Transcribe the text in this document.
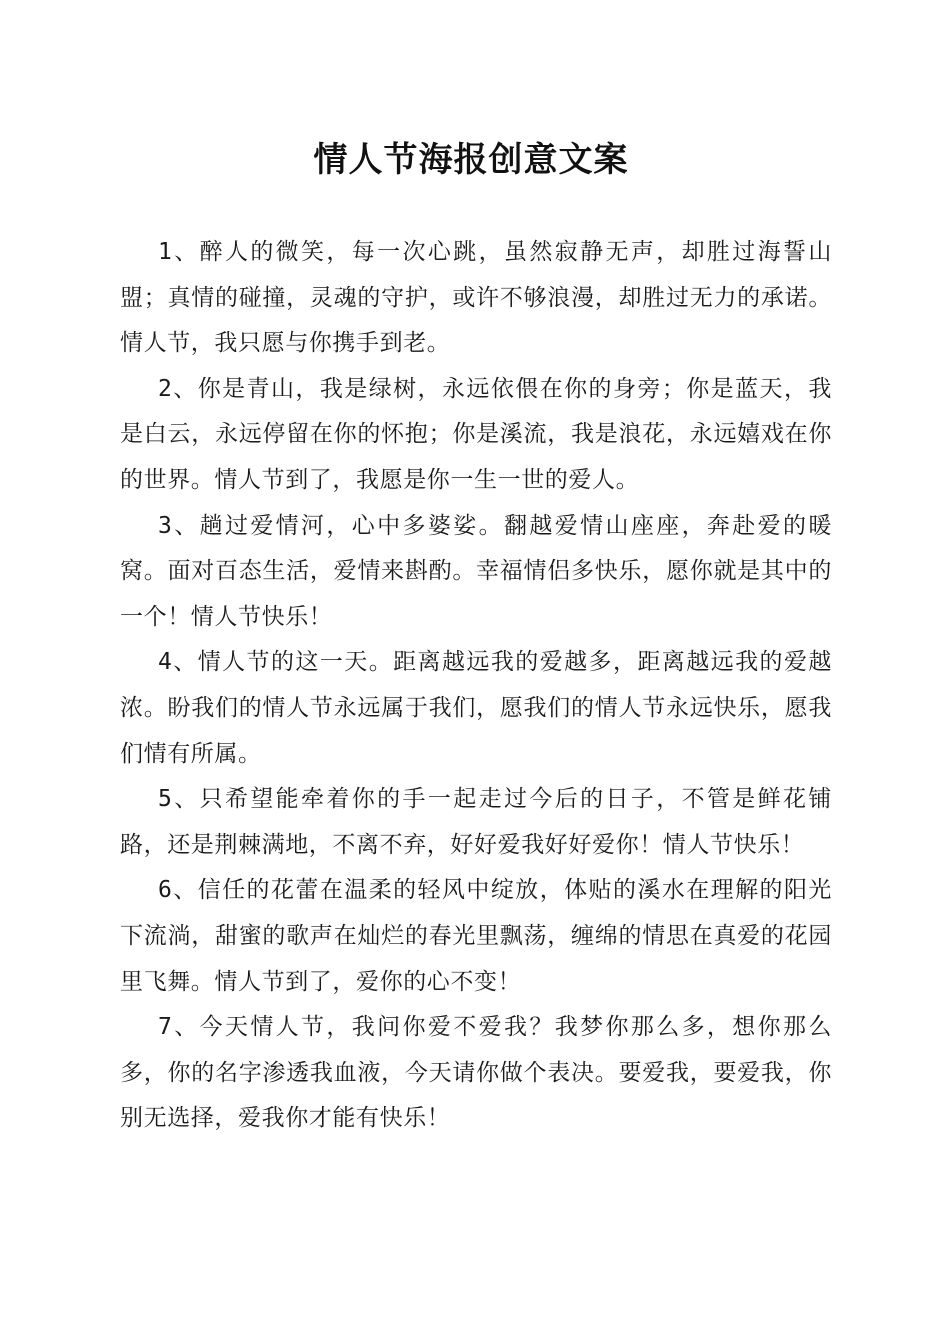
情人节海报创意文案

1、醉人的微笑，每一次心跳，虽然寂静无声，却胜过海誓山盟；真情的碰撞，灵魂的守护，或许不够浪漫，却胜过无力的承诺。情人节，我只愿与你携手到老。

2、你是青山，我是绿树，永远依偎在你的身旁；你是蓝天，我是白云，永远停留在你的怀抱；你是溪流，我是浪花，永远嬉戏在你的世界。情人节到了，我愿是你一生一世的爱人。

3、趟过爱情河，心中多婆娑。翻越爱情山座座，奔赴爱的暖窝。面对百态生活，爱情来斟酌。幸福情侣多快乐，愿你就是其中的一个！情人节快乐！

4、情人节的这一天。距离越远我的爱越多，距离越远我的爱越浓。盼我们的情人节永远属于我们，愿我们的情人节永远快乐，愿我们情有所属。

5、只希望能牵着你的手一起走过今后的日子，不管是鲜花铺路，还是荆棘满地，不离不弃，好好爱我好好爱你！情人节快乐！

6、信任的花蕾在温柔的轻风中绽放，体贴的溪水在理解的阳光下流淌，甜蜜的歌声在灿烂的春光里飘荡，缠绵的情思在真爱的花园里飞舞。情人节到了，爱你的心不变！

7、今天情人节，我问你爱不爱我？我梦你那么多，想你那么多，你的名字渗透我血液，今天请你做个表决。要爱我，要爱我，你别无选择，爱我你才能有快乐！
